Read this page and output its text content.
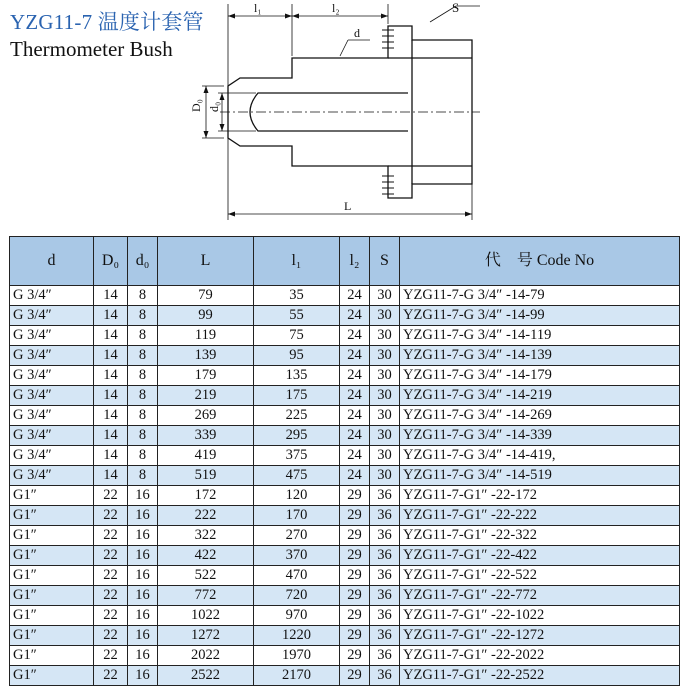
YZG11-7 温度计套管
Thermometer Bush
l₁	l₂	S
d
D₀ d₀
L
d	D₀	d₀	L	l₁	l₂	S	代　号 Code No
G 3/4″	14	8	79	35	24	30	YZG11-7-G 3/4″ -14-79
G 3/4″	14	8	99	55	24	30	YZG11-7-G 3/4″ -14-99
G 3/4″	14	8	119	75	24	30	YZG11-7-G 3/4″ -14-119
G 3/4″	14	8	139	95	24	30	YZG11-7-G 3/4″ -14-139
G 3/4″	14	8	179	135	24	30	YZG11-7-G 3/4″ -14-179
G 3/4″	14	8	219	175	24	30	YZG11-7-G 3/4″ -14-219
G 3/4″	14	8	269	225	24	30	YZG11-7-G 3/4″ -14-269
G 3/4″	14	8	339	295	24	30	YZG11-7-G 3/4″ -14-339
G 3/4″	14	8	419	375	24	30	YZG11-7-G 3/4″ -14-419,
G 3/4″	14	8	519	475	24	30	YZG11-7-G 3/4″ -14-519
G1″	22	16	172	120	29	36	YZG11-7-G1″ -22-172
G1″	22	16	222	170	29	36	YZG11-7-G1″ -22-222
G1″	22	16	322	270	29	36	YZG11-7-G1″ -22-322
G1″	22	16	422	370	29	36	YZG11-7-G1″ -22-422
G1″	22	16	522	470	29	36	YZG11-7-G1″ -22-522
G1″	22	16	772	720	29	36	YZG11-7-G1″ -22-772
G1″	22	16	1022	970	29	36	YZG11-7-G1″ -22-1022
G1″	22	16	1272	1220	29	36	YZG11-7-G1″ -22-1272
G1″	22	16	2022	1970	29	36	YZG11-7-G1″ -22-2022
G1″	22	16	2522	2170	29	36	YZG11-7-G1″ -22-2522
